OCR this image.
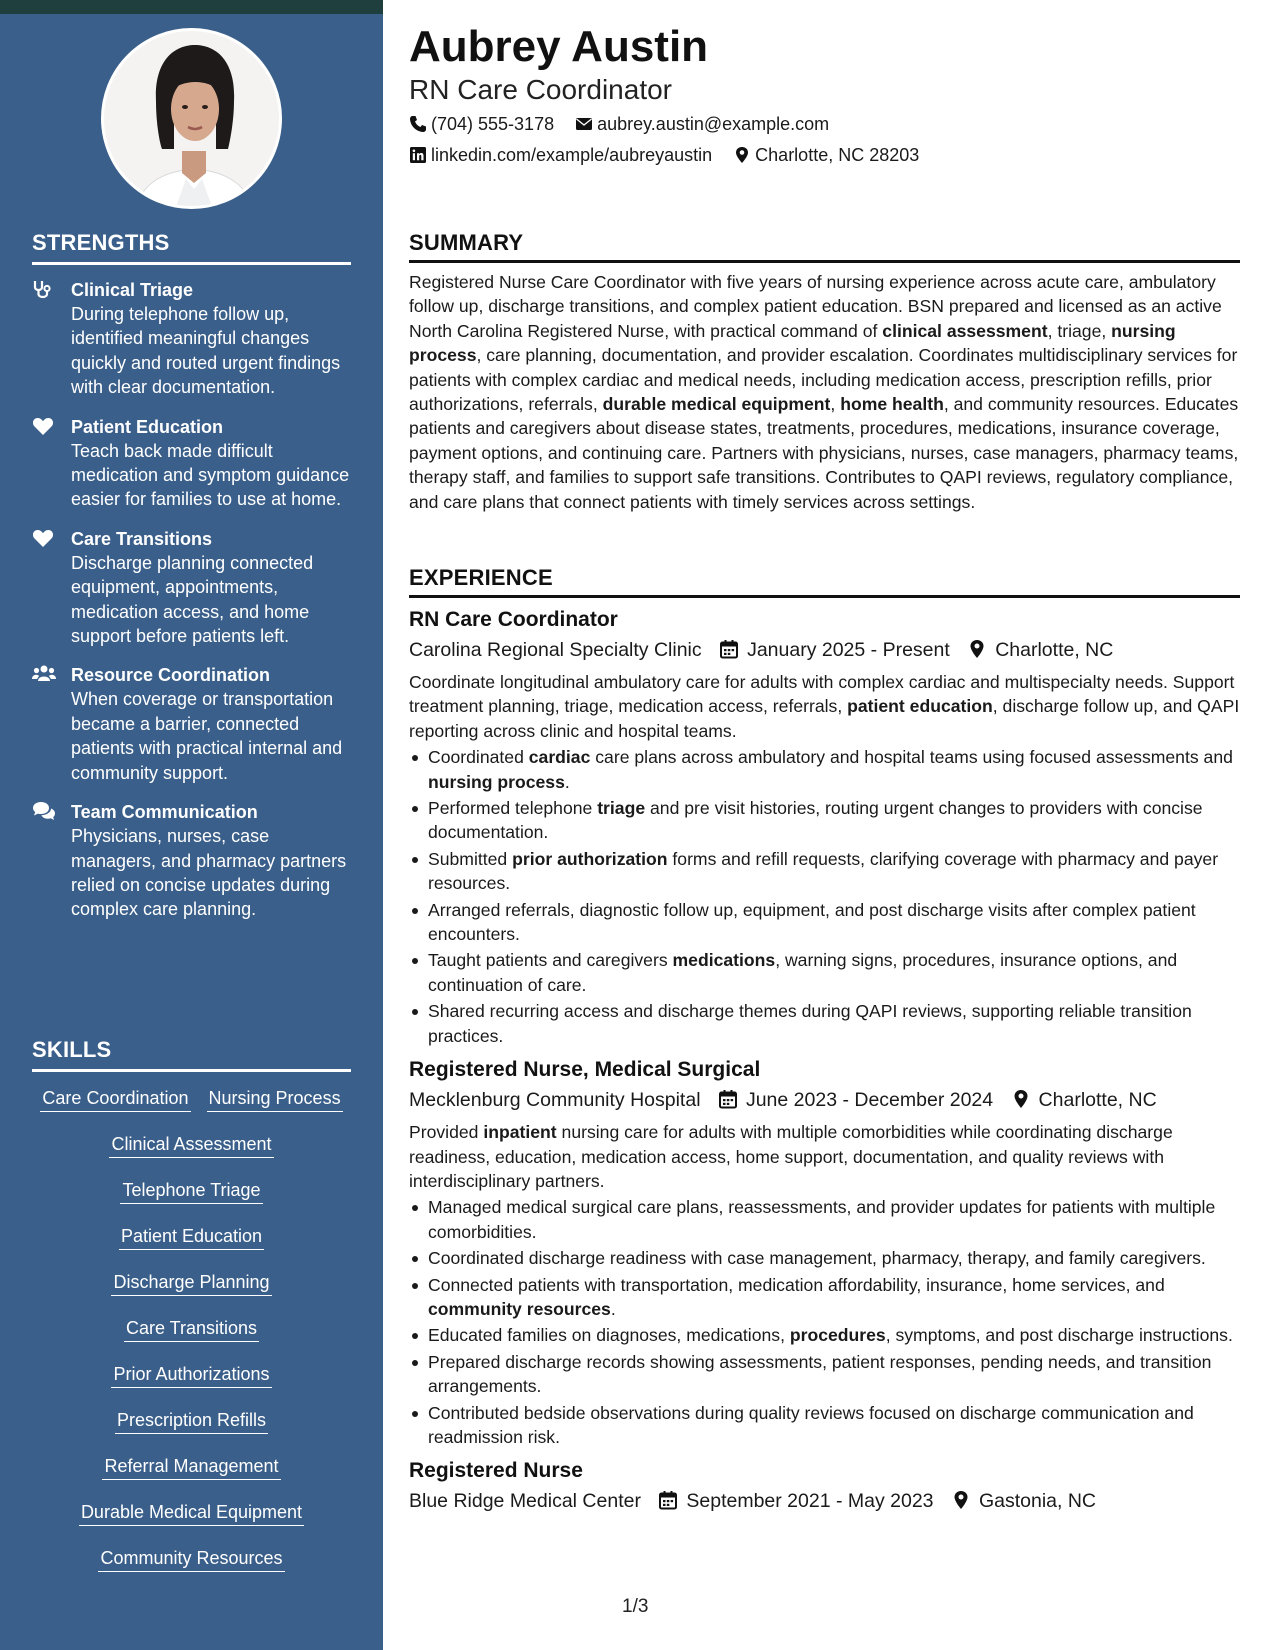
STRENGTHS
Clinical Triage
During telephone follow up, identified meaningful changes quickly and routed urgent findings with clear documentation.
Patient Education
Teach back made difficult medication and symptom guidance easier for families to use at home.
Care Transitions
Discharge planning connected equipment, appointments, medication access, and home support before patients left.
Resource Coordination
When coverage or transportation became a barrier, connected patients with practical internal and community support.
Team Communication
Physicians, nurses, case managers, and pharmacy partners relied on concise updates during complex care planning.
SKILLS
Care Coordination Nursing Process
Clinical Assessment
Telephone Triage
Patient Education
Discharge Planning
Care Transitions
Prior Authorizations
Prescription Refills
Referral Management
Durable Medical Equipment
Community Resources
Aubrey Austin
RN Care Coordinator
(704) 555-3178 aubrey.austin@example.com
linkedin.com/example/aubreyaustin Charlotte, NC 28203
SUMMARY
Registered Nurse Care Coordinator with five years of nursing experience across acute care, ambulatory follow up, discharge transitions, and complex patient education. BSN prepared and licensed as an active North Carolina Registered Nurse, with practical command of clinical assessment, triage, nursing process, care planning, documentation, and provider escalation. Coordinates multidisciplinary services for patients with complex cardiac and medical needs, including medication access, prescription refills, prior authorizations, referrals, durable medical equipment, home health, and community resources. Educates patients and caregivers about disease states, treatments, procedures, medications, insurance coverage, payment options, and continuing care. Partners with physicians, nurses, case managers, pharmacy teams, therapy staff, and families to support safe transitions. Contributes to QAPI reviews, regulatory compliance, and care plans that connect patients with timely services across settings.
EXPERIENCE
RN Care Coordinator
Carolina Regional Specialty Clinic January 2025 - Present Charlotte, NC
Coordinate longitudinal ambulatory care for adults with complex cardiac and multispecialty needs. Support treatment planning, triage, medication access, referrals, patient education, discharge follow up, and QAPI reporting across clinic and hospital teams.
Coordinated cardiac care plans across ambulatory and hospital teams using focused assessments and nursing process.
Performed telephone triage and pre visit histories, routing urgent changes to providers with concise documentation.
Submitted prior authorization forms and refill requests, clarifying coverage with pharmacy and payer resources.
Arranged referrals, diagnostic follow up, equipment, and post discharge visits after complex patient encounters.
Taught patients and caregivers medications, warning signs, procedures, insurance options, and continuation of care.
Shared recurring access and discharge themes during QAPI reviews, supporting reliable transition practices.
Registered Nurse, Medical Surgical
Mecklenburg Community Hospital June 2023 - December 2024 Charlotte, NC
Provided inpatient nursing care for adults with multiple comorbidities while coordinating discharge readiness, education, medication access, home support, documentation, and quality reviews with interdisciplinary partners.
Managed medical surgical care plans, reassessments, and provider updates for patients with multiple comorbidities.
Coordinated discharge readiness with case management, pharmacy, therapy, and family caregivers.
Connected patients with transportation, medication affordability, insurance, home services, and community resources.
Educated families on diagnoses, medications, procedures, symptoms, and post discharge instructions.
Prepared discharge records showing assessments, patient responses, pending needs, and transition arrangements.
Contributed bedside observations during quality reviews focused on discharge communication and readmission risk.
Registered Nurse
Blue Ridge Medical Center September 2021 - May 2023 Gastonia, NC
1/3
